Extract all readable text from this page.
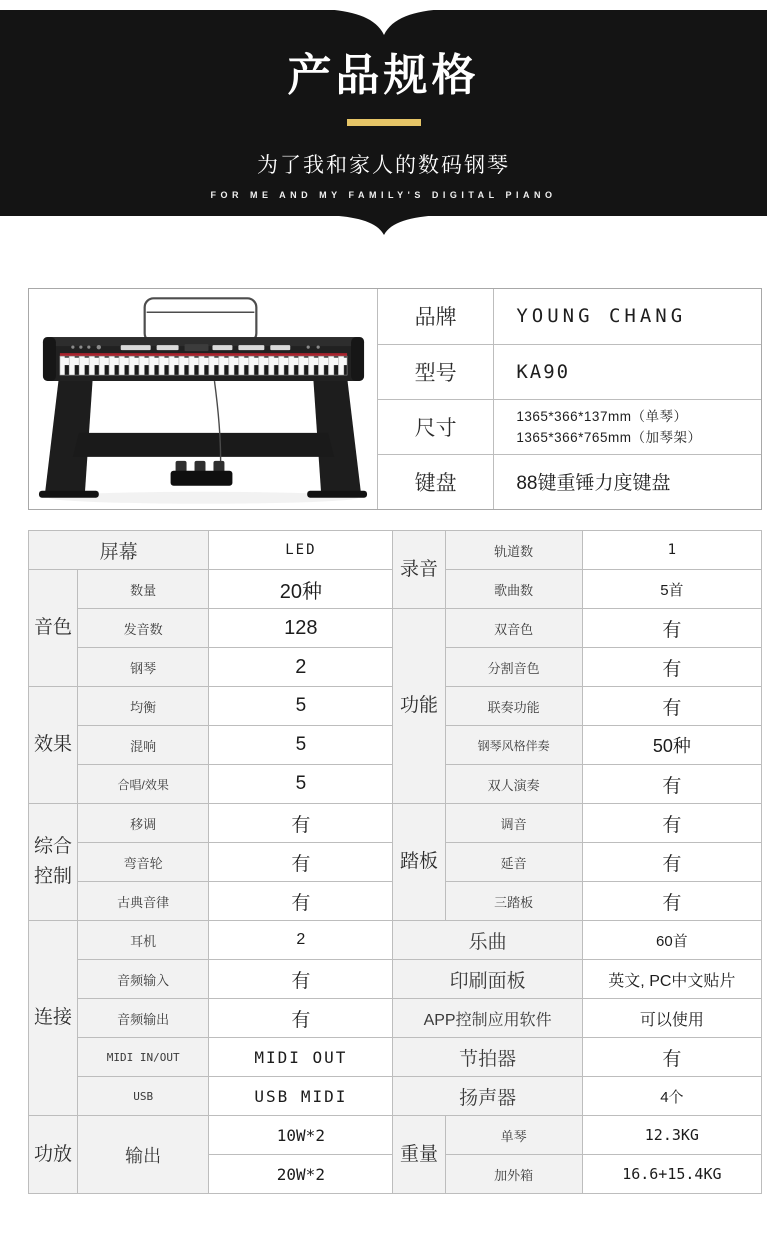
产品规格
为了我和家人的数码钢琴
FOR ME AND MY FAMILY'S DIGITAL PIANO
品牌	YOUNG CHANG
型号	KA90
尺寸	1365*366*137mm（单琴）
1365*366*765mm（加琴架）

键盘	88键重锤力度键盘
屏幕		LED	录音	轨道数	1
音色	数量	20种		歌曲数	5首
	发音数	128	功能	双音色	有
	钢琴	2		分割音色	有
效果	均衡	5		联奏功能	有
	混响	5		钢琴风格伴奏	50种
	合唱/效果	5		双人演奏	有
综合控制	移调	有	踏板	调音	有
	弯音轮	有		延音	有
	古典音律	有		三踏板	有
连接	耳机	2	乐曲		60首
	音频输入	有	印刷面板		英文, PC中文贴片
	音频输出	有	APP控制应用软件		可以使用
	MIDI IN/OUT	MIDI OUT	节拍器		有
	USB	USB MIDI	扬声器		4个
功放	输出	10W*2	重量	单琴	12.3KG
		20W*2		加外箱	16.6+15.4KG
